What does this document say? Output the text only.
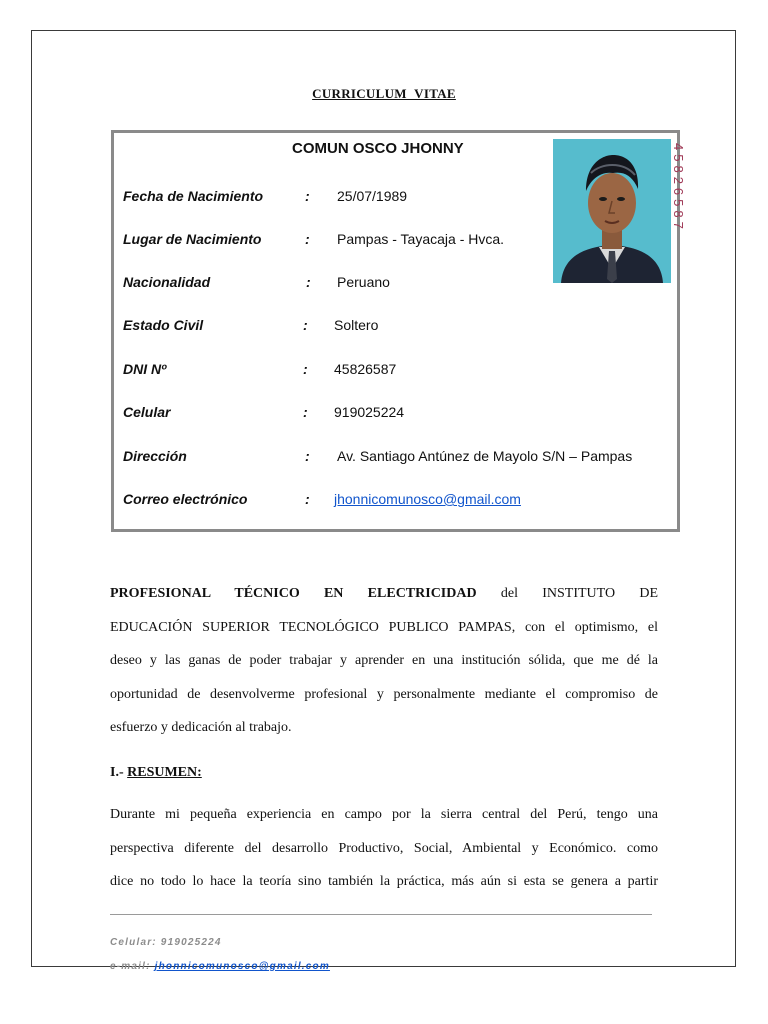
CURRICULUM VITAE
COMUN OSCO JHONNY
Fecha de Nacimiento	: 25/07/1989
Lugar de Nacimiento	: Pampas - Tayacaja - Hvca.
Nacionalidad	: Peruano
Estado Civil	: Soltero
DNI Nº	: 45826587
Celular	: 919025224
Dirección	: Av. Santiago Antúnez de Mayolo S/N – Pampas
Correo electrónico	: jhonnicomunosco@gmail.com
45826587
PROFESIONAL TÉCNICO EN ELECTRICIDAD del INSTITUTO DE
EDUCACIÓN SUPERIOR TECNOLÓGICO PUBLICO PAMPAS, con el optimismo, el
deseo y las ganas de poder trabajar y aprender en una institución sólida, que me dé la
oportunidad de desenvolverme profesional y personalmente mediante el compromiso de
esfuerzo y dedicación al trabajo.
I.- RESUMEN:
Durante mi pequeña experiencia en campo por la sierra central del Perú, tengo una
perspectiva diferente del desarrollo Productivo, Social, Ambiental y Económico. como
dice no todo lo hace la teoría sino también la práctica, más aún si esta se genera a partir
Celular: 919025224
e-mail: jhonnicomunosco@gmail.com
